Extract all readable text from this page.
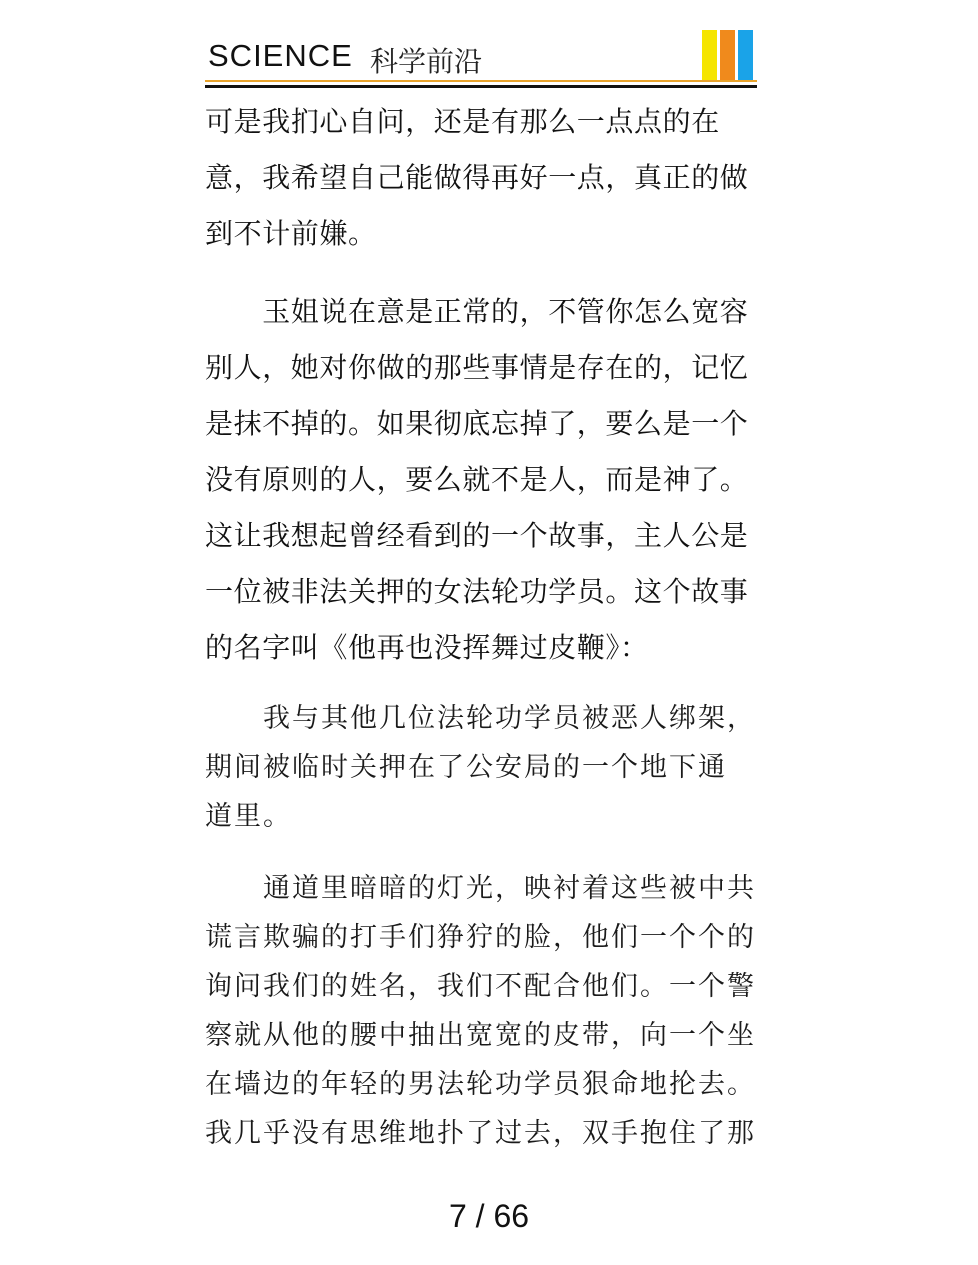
SCIENCE 科学前沿

可是我扪心自问，还是有那么一点点的在
意，我希望自己能做得再好一点，真正的做
到不计前嫌。

　　玉姐说在意是正常的，不管你怎么宽容
别人，她对你做的那些事情是存在的，记忆
是抹不掉的。如果彻底忘掉了，要么是一个
没有原则的人，要么就不是人，而是神了。
这让我想起曾经看到的一个故事，主人公是
一位被非法关押的女法轮功学员。这个故事
的名字叫《他再也没挥舞过皮鞭》：

　　我与其他几位法轮功学员被恶人绑架，
期间被临时关押在了公安局的一个地下通
道里。

　　通道里暗暗的灯光，映衬着这些被中共
谎言欺骗的打手们狰狞的脸，他们一个个的
询问我们的姓名，我们不配合他们。一个警
察就从他的腰中抽出宽宽的皮带，向一个坐
在墙边的年轻的男法轮功学员狠命地抡去。
我几乎没有思维地扑了过去，双手抱住了那

7 / 66
